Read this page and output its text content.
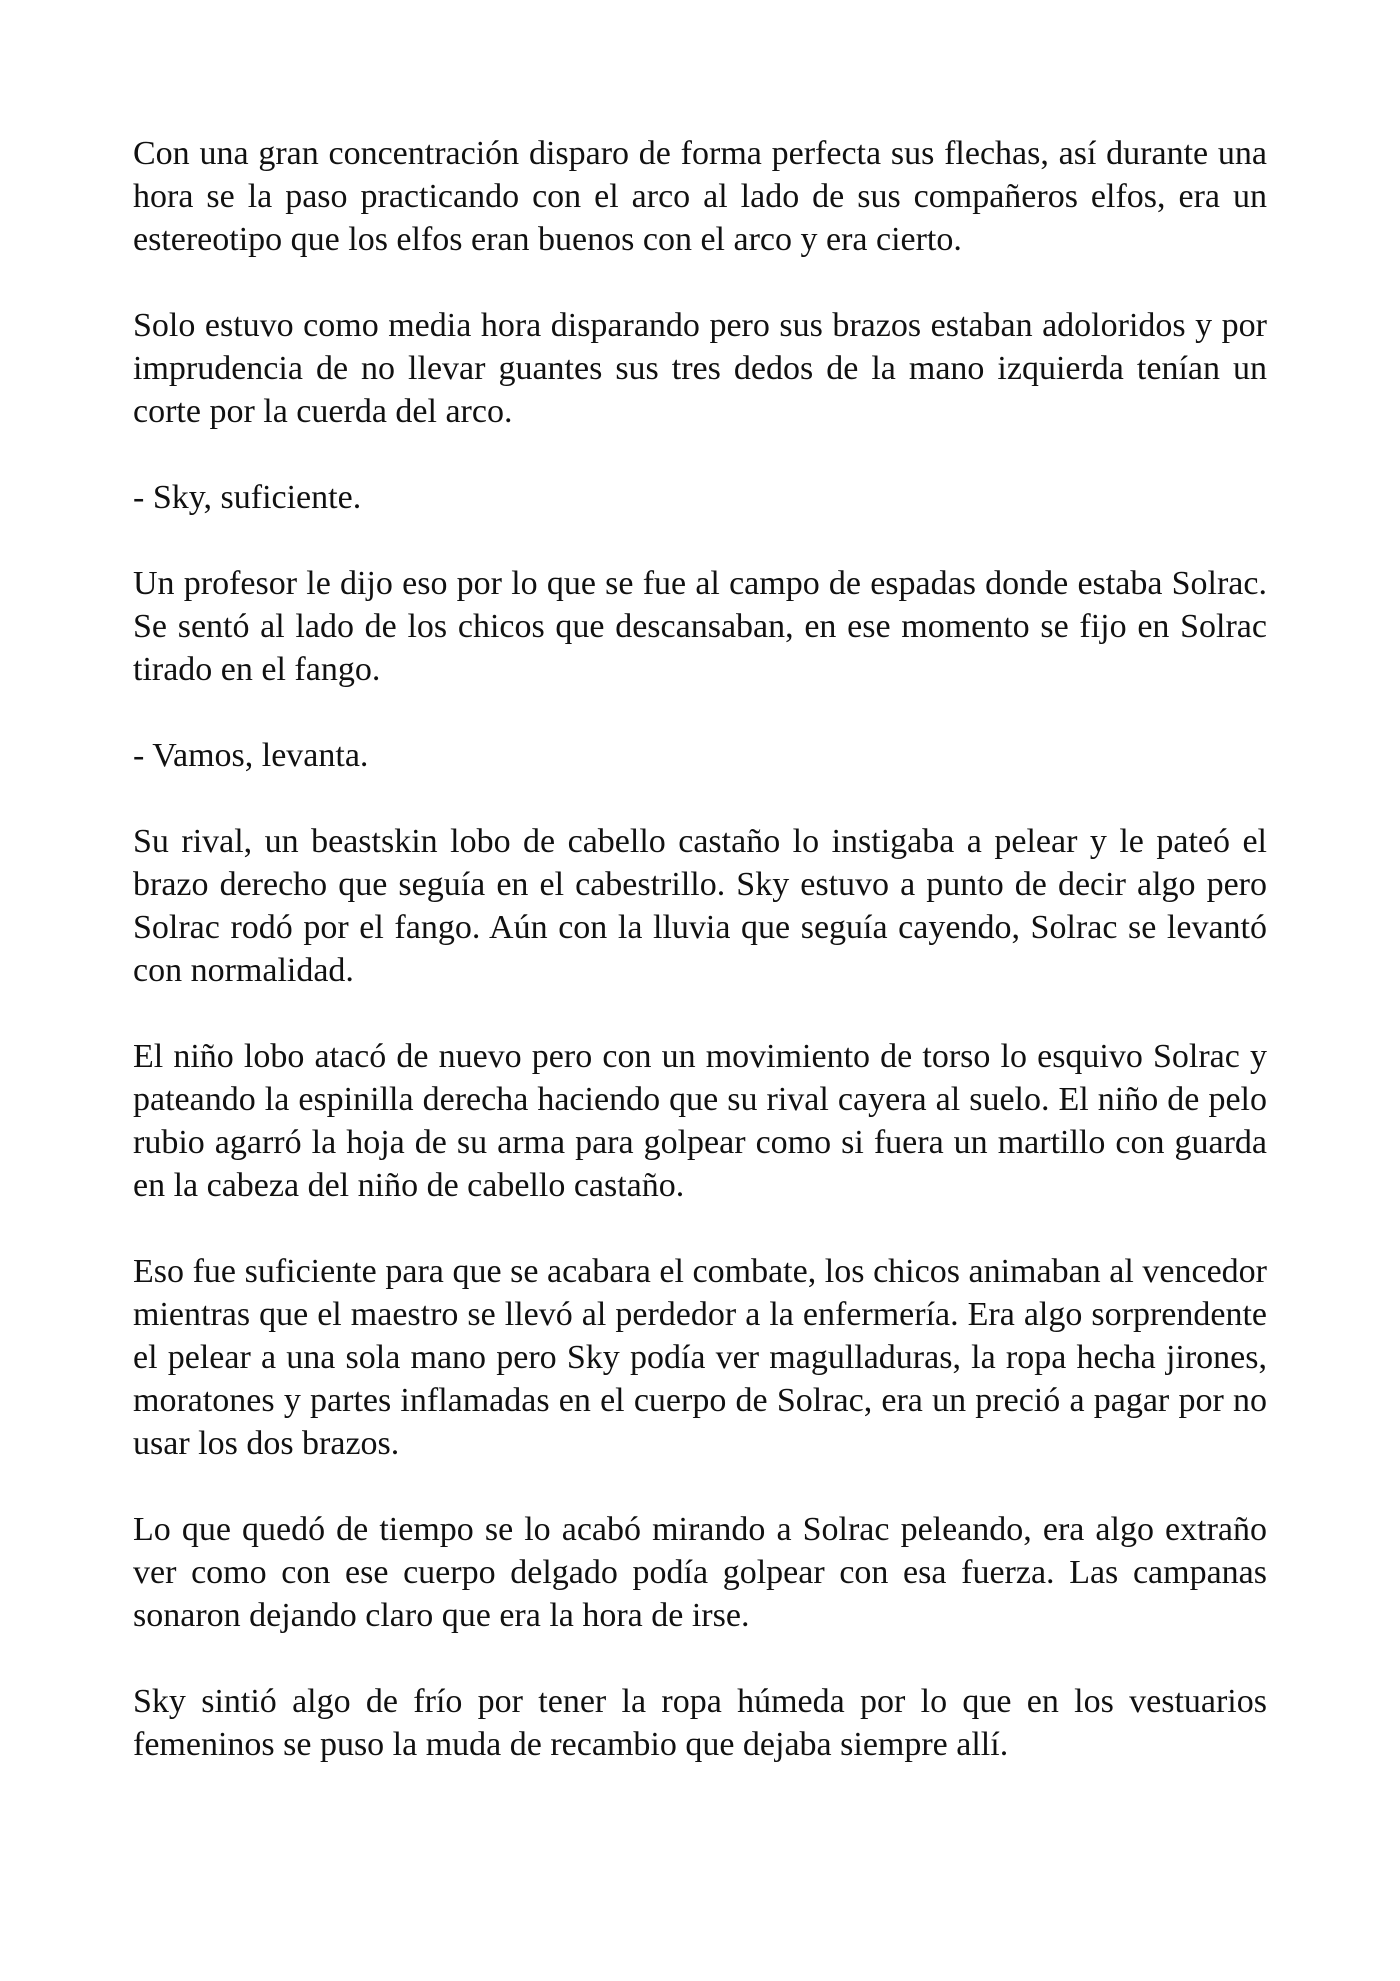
Con una gran concentración disparo de forma perfecta sus flechas, así durante una hora se la paso practicando con el arco al lado de sus compañeros elfos, era un estereotipo que los elfos eran buenos con el arco y era cierto.

Solo estuvo como media hora disparando pero sus brazos estaban adoloridos y por imprudencia de no llevar guantes sus tres dedos de la mano izquierda tenían un corte por la cuerda del arco.

- Sky, suficiente.

Un profesor le dijo eso por lo que se fue al campo de espadas donde estaba Solrac. Se sentó al lado de los chicos que descansaban, en ese momento se fijo en Solrac tirado en el fango.

- Vamos, levanta.

Su rival, un beastskin lobo de cabello castaño lo instigaba a pelear y le pateó el brazo derecho que seguía en el cabestrillo. Sky estuvo a punto de decir algo pero Solrac rodó por el fango. Aún con la lluvia que seguía cayendo, Solrac se levantó con normalidad.

El niño lobo atacó de nuevo pero con un movimiento de torso lo esquivo Solrac y pateando la espinilla derecha haciendo que su rival cayera al suelo. El niño de pelo rubio agarró la hoja de su arma para golpear como si fuera un martillo con guarda en la cabeza del niño de cabello castaño.

Eso fue suficiente para que se acabara el combate, los chicos animaban al vencedor mientras que el maestro se llevó al perdedor a la enfermería. Era algo sorprendente el pelear a una sola mano pero Sky podía ver magulladuras, la ropa hecha jirones, moratones y partes inflamadas en el cuerpo de Solrac, era un preció a pagar por no usar los dos brazos.

Lo que quedó de tiempo se lo acabó mirando a Solrac peleando, era algo extraño ver como con ese cuerpo delgado podía golpear con esa fuerza. Las campanas sonaron dejando claro que era la hora de irse.

Sky sintió algo de frío por tener la ropa húmeda por lo que en los vestuarios femeninos se puso la muda de recambio que dejaba siempre allí.
